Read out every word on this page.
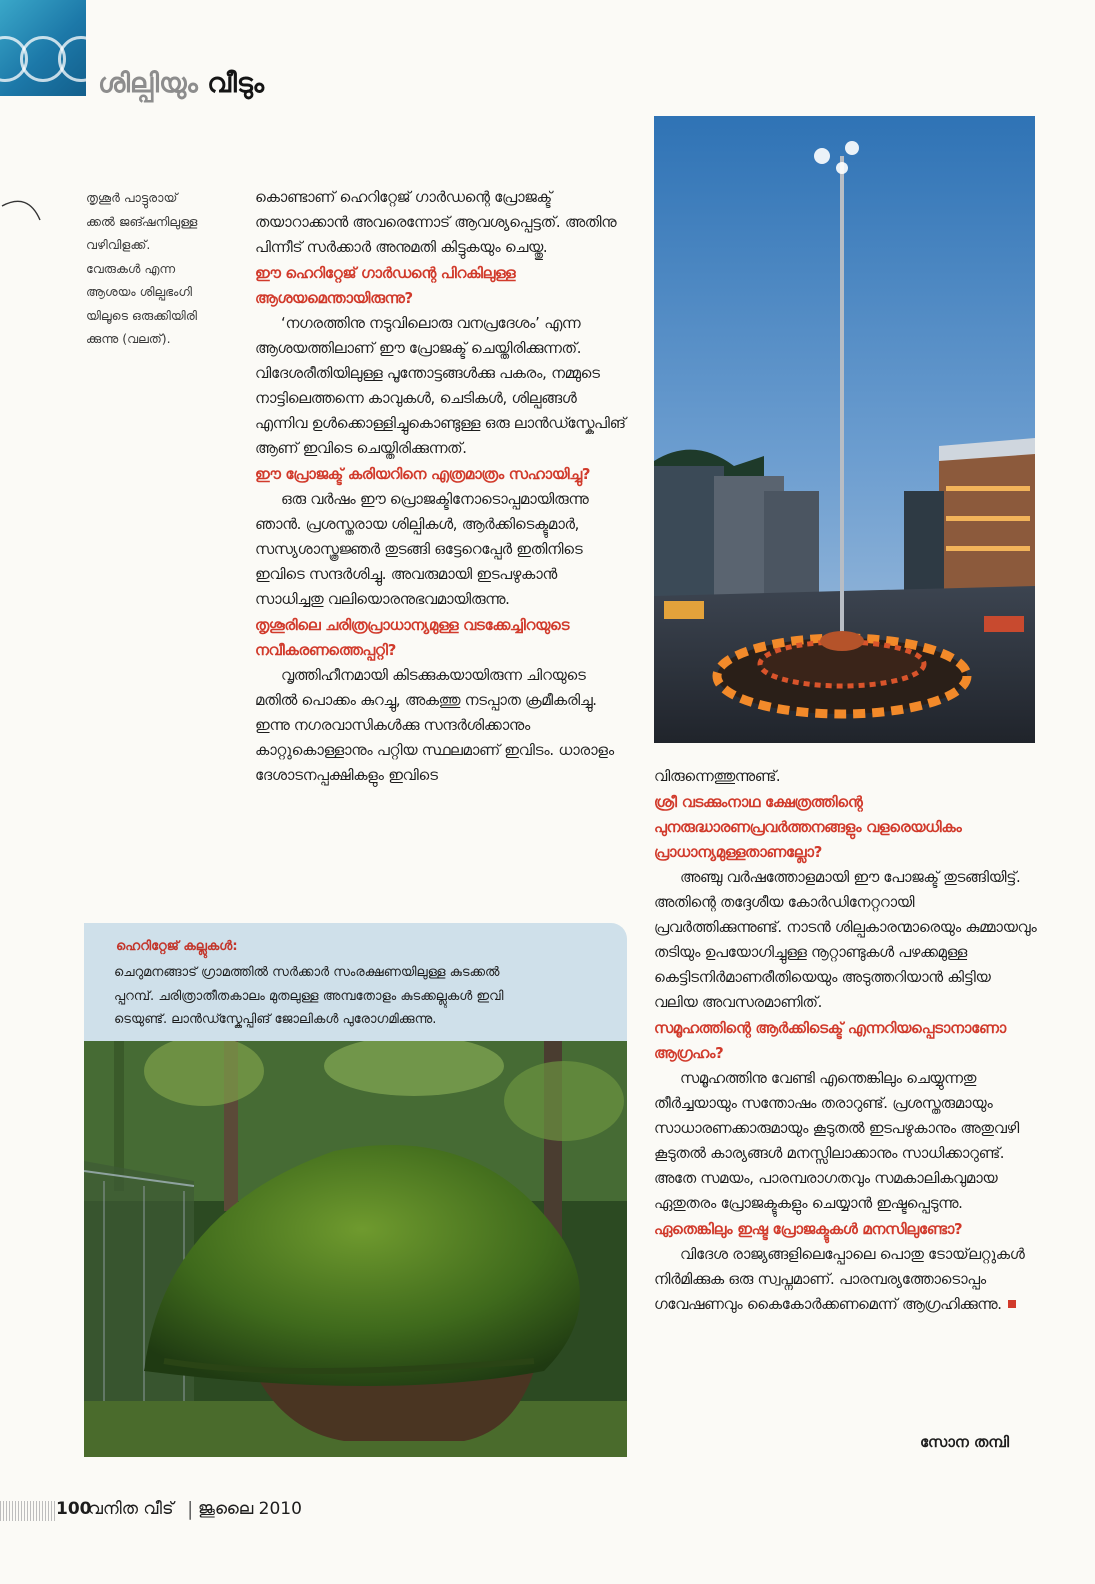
ശില്പിയും വീടും
തൃശൂർ പാട്ടുരായ്
ക്കൽ ജങ്ഷനിലുള്ള
വഴിവിളക്ക്.
വേരുകൾ എന്ന
ആശയം ശില്പഭംഗി
യിലൂടെ ഒരുക്കിയിരി
ക്കുന്നു (വലത്).

കൊണ്ടാണ് ഹെറിറ്റേജ് ഗാർഡന്റെ പ്രോജക്ട് തയാറാക്കാൻ അവരെന്നോട് ആവശ്യപ്പെട്ടത്. അതിനു പിന്നീട് സർക്കാർ അനുമതി കിട്ടുകയും ചെയ്തു.

ഈ ഹെറിറ്റേജ് ഗാർഡന്റെ പിറകിലുള്ള ആശയമെന്തായിരുന്നു?

‘നഗരത്തിനു നടുവിലൊരു വനപ്രദേശം’ എന്ന ആശയത്തിലാണ് ഈ പ്രോജക്ട് ചെയ്തിരിക്കുന്നത്. വിദേശരീതിയിലുള്ള പൂന്തോട്ടങ്ങൾക്കു പകരം, നമ്മുടെ നാട്ടിലെത്തന്നെ കാവുകൾ, ചെടികൾ, ശില്പങ്ങൾ എന്നിവ ഉൾക്കൊള്ളിച്ചുകൊണ്ടുള്ള ഒരു ലാൻഡ്സ്കേപിങ് ആണ് ഇവിടെ ചെയ്തിരിക്കുന്നത്.

ഈ പ്രോജക്ട് കരിയറിനെ എത്രമാത്രം സഹായിച്ചു?

ഒരു വർഷം ഈ പ്രൊജക്ടിനോടൊപ്പമായിരുന്നു ഞാൻ. പ്രശസ്തരായ ശില്പികൾ, ആർക്കിടെക്ടുമാർ, സസ്യശാസ്ത്രജ്ഞർ തുടങ്ങി ഒട്ടേറെപ്പേർ ഇതിനിടെ ഇവിടെ സന്ദർശിച്ചു. അവരുമായി ഇടപഴുകാൻ സാധിച്ചതു വലിയൊരനുഭവമായിരുന്നു.

തൃശൂരിലെ ചരിത്രപ്രാധാന്യമുള്ള വടക്കേച്ചിറയുടെ നവീകരണത്തെപ്പറ്റി?

വൃത്തിഹീനമായി കിടക്കുകയായിരുന്ന ചിറയുടെ മതിൽ പൊക്കം കുറച്ചു, അകത്തു നടപ്പാത ക്രമീകരിച്ചു. ഇന്നു നഗരവാസികൾക്കു സന്ദർശിക്കാനും കാറ്റുകൊള്ളാനും പറ്റിയ സ്ഥലമാണ് ഇവിടം. ധാരാളം ദേശാടനപ്പക്ഷികളും ഇവിടെ	വിരുന്നെത്തുന്നുണ്ട്.

ശ്രീ വടക്കുംനാഥ ക്ഷേത്രത്തിന്റെ പുനരുദ്ധാരണപ്രവർത്തനങ്ങളും വളരെയധികം പ്രാധാന്യമുള്ളതാണല്ലോ?

അഞ്ചു വർഷത്തോളമായി ഈ പോജക്ട് തുടങ്ങിയിട്ട്. അതിന്റെ തദ്ദേശീയ കോർഡിനേറ്ററായി പ്രവർത്തിക്കുന്നുണ്ട്. നാടൻ ശില്പകാരന്മാരെയും കുമ്മായവും തടിയും ഉപയോഗിച്ചുള്ള നൂറ്റാണ്ടുകൾ പഴക്കമുള്ള കെട്ടിടനിർമാണരീതിയെയും അടുത്തറിയാൻ കിട്ടിയ വലിയ അവസരമാണിത്.

സമൂഹത്തിന്റെ ആർക്കിടെക്ട് എന്നറിയപ്പെടാനാണോ ആഗ്രഹം?

സമൂഹത്തിനു വേണ്ടി എന്തെങ്കിലും ചെയ്യുന്നതു തീർച്ചയായും സന്തോഷം തരാറുണ്ട്. പ്രശസ്തരുമായും സാധാരണക്കാരുമായും കൂടുതൽ ഇടപഴുകാനും അതുവഴി കൂടുതൽ കാര്യങ്ങൾ മനസ്സിലാക്കാനും സാധിക്കാറുണ്ട്. അതേ സമയം, പാരമ്പരാഗതവും സമകാലികവുമായ ഏതുതരം പ്രോജക്ടുകളും ചെയ്യാൻ ഇഷ്ടപ്പെടുന്നു.

ഏതെങ്കിലും ഇഷ്ട പ്രോജക്ടുകൾ മനസിലുണ്ടോ?

വിദേശ രാജ്യങ്ങളിലെപ്പോലെ പൊതു ടോയ്‌ലറ്റുകൾ നിർമിക്കുക ഒരു സ്വപ്നമാണ്. പാരമ്പര്യത്തോടൊപ്പം ഗവേഷണവും കൈകോർക്കണമെന്ന് ആഗ്രഹിക്കുന്നു.

ഹെറിറ്റേജ് കല്ലുകൾ:
ചെറുമനങ്ങാട് ഗ്രാമത്തിൽ സർക്കാർ സംരക്ഷണയിലുള്ള കുടക്കൽ
പ്പറമ്പ്. ചരിത്രാതീതകാലം മുതലുള്ള അമ്പതോളം കുടക്കല്ലുകൾ ഇവി
ടെയുണ്ട്. ലാൻഡ്സ്കേപ്പിങ് ജോലികൾ പുരോഗമിക്കുന്നു.
സോന തമ്പി
100
വനിത വീട് | ജൂലൈ 2010
